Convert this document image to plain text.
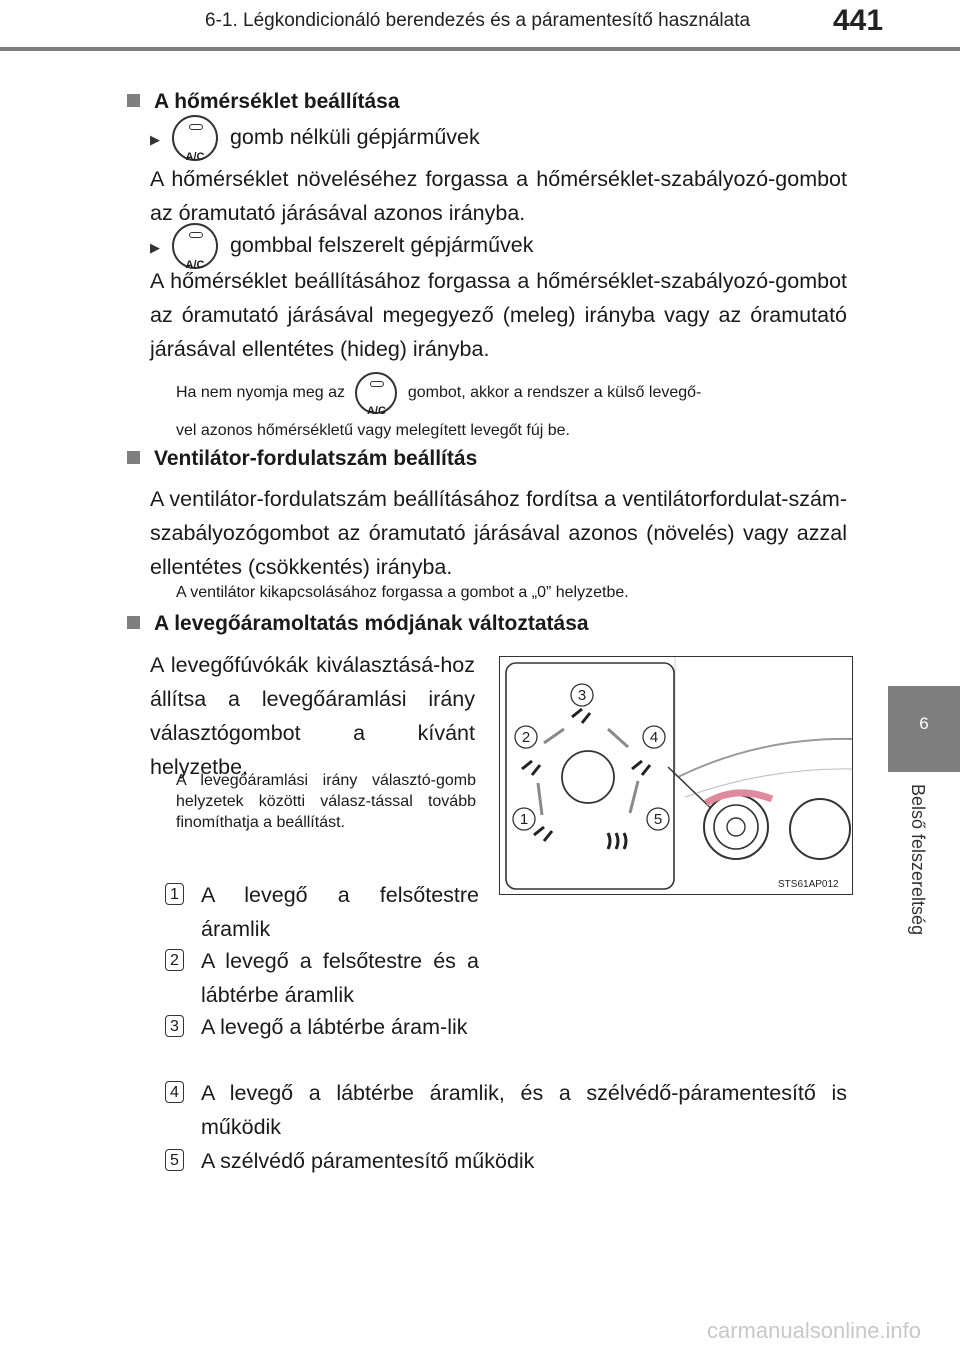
6-1. Légkondicionáló berendezés és a páramentesítő használata	441
6
Belső felszereltség
A hőmérséklet beállítása
▶
A/C
gomb nélküli gépjárművek
A hőmérséklet növeléséhez forgassa a hőmérséklet-szabályozó-gombot az óramutató járásával azonos irányba.
▶
A/C
gombbal felszerelt gépjárművek
A hőmérséklet beállításához forgassa a hőmérséklet-szabályozó-gombot az óramutató járásával megegyező (meleg) irányba vagy az óramutató járásával ellentétes (hideg) irányba.
Ha nem nyomja meg az
A/C
gombot, akkor a rendszer a külső levegő-
vel azonos hőmérsékletű vagy melegített levegőt fúj be.
Ventilátor-fordulatszám beállítás
A ventilátor-fordulatszám beállításához fordítsa a ventilátorfordulat-szám-szabályozógombot az óramutató járásával azonos (növelés) vagy azzal ellentétes (csökkentés) irányba.
A ventilátor kikapcsolásához forgassa a gombot a „0” helyzetbe.
A levegőáramoltatás módjának változtatása
A levegőfúvókák kiválasztásá-hoz állítsa a levegőáramlási irány választógombot a kívánt helyzetbe.
A levegőáramlási irány választó-gomb helyzetek közötti válasz-tással tovább finomíthatja a beállítást.
3
2	4
1	5
STS61AP012
1 A levegő a felsőtestre áramlik
2 A levegő a felsőtestre és a lábtérbe áramlik
3 A levegő a lábtérbe áram-lik
4 A levegő a lábtérbe áramlik, és a szélvédő-páramentesítő is működik
5 A szélvédő páramentesítő működik
carmanualsonline.info
